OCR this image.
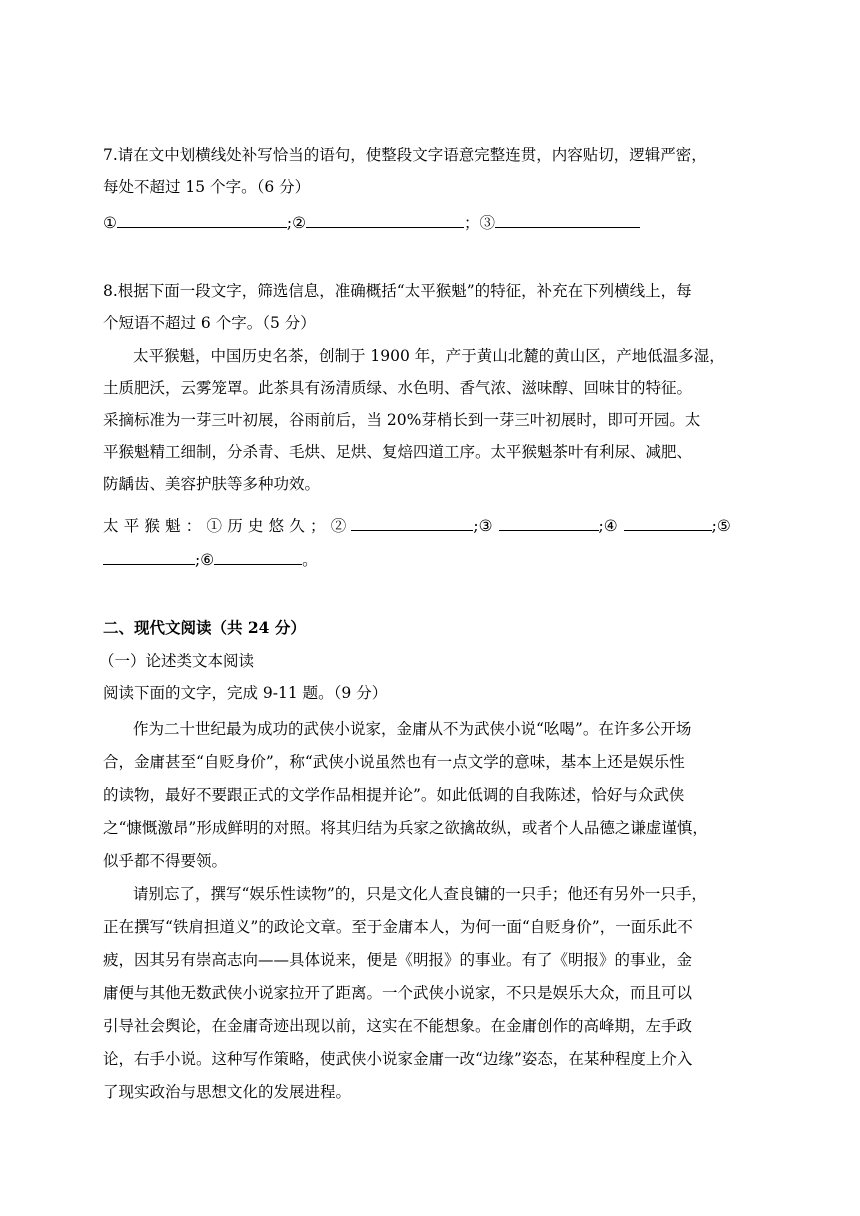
7.请在文中划横线处补写恰当的语句，使整段文字语意完整连贯，内容贴切，逻辑严密，
每处不超过 15 个字。（6 分）
①	;②	；③
8.根据下面一段文字，筛选信息，准确概括“太平猴魁”的特征，补充在下列横线上，每
个短语不超过 6 个字。（5 分）
太平猴魁，中国历史名茶，创制于 1900 年，产于黄山北麓的黄山区，产地低温多湿，
土质肥沃，云雾笼罩。此茶具有汤清质绿、水色明、香气浓、滋味醇、回味甘的特征。
采摘标准为一芽三叶初展，谷雨前后，当 20%芽梢长到一芽三叶初展时，即可开园。太
平猴魁精工细制，分杀青、毛烘、足烘、复焙四道工序。太平猴魁茶叶有利尿、减肥、
防龋齿、美容护肤等多种功效。
太平猴魁：①历史悠久；②	;③	;④	;⑤
;⑥	。
二、现代文阅读（共 24 分）
（一）论述类文本阅读
阅读下面的文字，完成 9-11 题。（9 分）
作为二十世纪最为成功的武侠小说家，金庸从不为武侠小说“吆喝”。在许多公开场
合，金庸甚至“自贬身价”，称“武侠小说虽然也有一点文学的意味，基本上还是娱乐性
的读物，最好不要跟正式的文学作品相提并论”。如此低调的自我陈述，恰好与众武侠
之“慷慨激昂”形成鲜明的对照。将其归结为兵家之欲擒故纵，或者个人品德之谦虚谨慎，
似乎都不得要领。
请别忘了，撰写“娱乐性读物”的，只是文化人查良镛的一只手；他还有另外一只手，
正在撰写“铁肩担道义”的政论文章。至于金庸本人，为何一面“自贬身价”，一面乐此不
疲，因其另有崇高志向——具体说来，便是《明报》的事业。有了《明报》的事业，金
庸便与其他无数武侠小说家拉开了距离。一个武侠小说家，不只是娱乐大众，而且可以
引导社会舆论，在金庸奇迹出现以前，这实在不能想象。在金庸创作的高峰期，左手政
论，右手小说。这种写作策略，使武侠小说家金庸一改“边缘”姿态，在某种程度上介入
了现实政治与思想文化的发展进程。
